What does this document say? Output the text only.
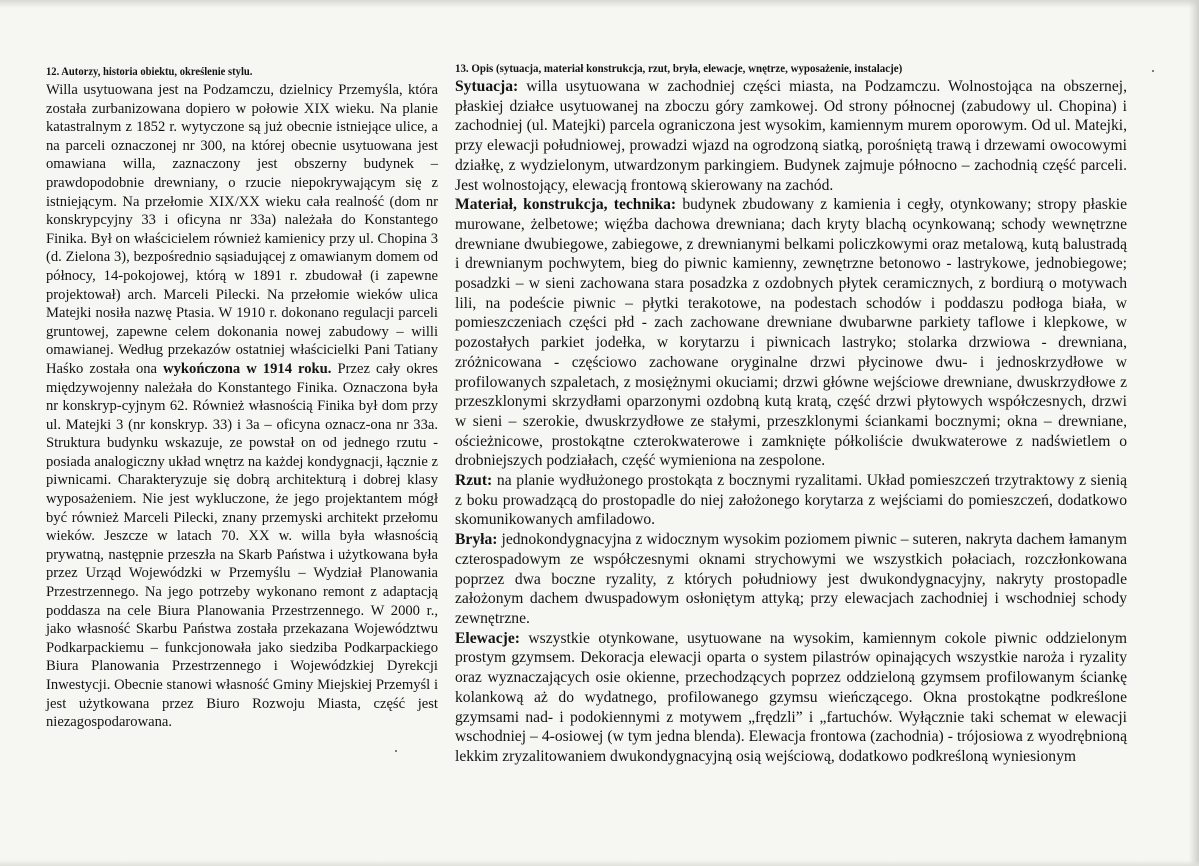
12. Autorzy, historia obiektu, określenie stylu.

Willa usytuowana jest na Podzamczu, dzielnicy Przemyśla, która została zurbanizowana dopiero w połowie XIX wieku. Na planie katastralnym z 1852 r. wytyczone są już obecnie istniejące ulice, a na parceli oznaczonej nr 300, na której obecnie usytuowana jest omawiana willa, zaznaczony jest obszerny budynek – prawdopodobnie drewniany, o rzucie niepokrywającym się z istniejącym. Na przełomie XIX/XX wieku cała realność (dom nr konskrypcyjny 33 i oficyna nr 33a) należała do Konstantego Finika. Był on właścicielem również kamienicy przy ul. Chopina 3 (d. Zielona 3), bezpośrednio sąsiadującej z omawianym domem od północy, 14-pokojowej, którą w 1891 r. zbudował (i zapewne projektował) arch. Marceli Pilecki. Na przełomie wieków ulica Matejki nosiła nazwę Ptasia. W 1910 r. dokonano regulacji parceli gruntowej, zapewne celem dokonania nowej zabudowy – willi omawianej. Według przekazów ostatniej właścicielki Pani Tatiany Haśko została ona wykończona w 1914 roku. Przez cały okres międzywojenny należała do Konstantego Finika. Oznaczona była nr konskryp-cyjnym 62. Również własnością Finika był dom przy ul. Matejki 3 (nr konskryp. 33) i 3a – oficyna oznacz-ona nr 33a. Struktura budynku wskazuje, ze powstał on od jednego rzutu - posiada analogiczny układ wnętrz na każdej kondygnacji, łącznie z piwnicami. Charakteryzuje się dobrą architekturą i dobrej klasy wyposażeniem. Nie jest wykluczone, że jego projektantem mógł być również Marceli Pilecki, znany przemyski architekt przełomu wieków. Jeszcze w latach 70. XX w. willa była własnością prywatną, następnie przeszła na Skarb Państwa i użytkowana była przez Urząd Wojewódzki w Przemyślu – Wydział Planowania Przestrzennego. Na jego potrzeby wykonano remont z adaptacją poddasza na cele Biura Planowania Przestrzennego. W 2000 r., jako własność Skarbu Państwa została przekazana Województwu Podkarpackiemu – funkcjonowała jako siedziba Podkarpackiego Biura Planowania Przestrzennego i Wojewódzkiej Dyrekcji Inwestycji. Obecnie stanowi własność Gminy Miejskiej Przemyśl i jest użytkowana przez Biuro Rozwoju Miasta, część jest niezagospodarowana.

13. Opis (sytuacja, materiał konstrukcja, rzut, bryła, elewacje, wnętrze, wyposażenie, instalacje)

Sytuacja: willa usytuowana w zachodniej części miasta, na Podzamczu. Wolnostojąca na obszernej, płaskiej działce usytuowanej na zboczu góry zamkowej. Od strony północnej (zabudowy ul. Chopina) i zachodniej (ul. Matejki) parcela ograniczona jest wysokim, kamiennym murem oporowym. Od ul. Matejki, przy elewacji południowej, prowadzi wjazd na ogrodzoną siatką, porośniętą trawą i drzewami owocowymi działkę, z wydzielonym, utwardzonym parkingiem. Budynek zajmuje północno – zachodnią część parceli. Jest wolnostojący, elewacją frontową skierowany na zachód.

Materiał, konstrukcja, technika: budynek zbudowany z kamienia i cegły, otynkowany; stropy płaskie murowane, żelbetowe; więźba dachowa drewniana; dach kryty blachą ocynkowaną; schody wewnętrzne drewniane dwubiegowe, zabiegowe, z drewnianymi belkami policzkowymi oraz metalową, kutą balustradą i drewnianym pochwytem, bieg do piwnic kamienny, zewnętrzne betonowo - lastrykowe, jednobiegowe; posadzki – w sieni zachowana stara posadzka z ozdobnych płytek ceramicznych, z bordiurą o motywach lili, na podeście piwnic – płytki terakotowe, na podestach schodów i poddaszu podłoga biała, w pomieszczeniach części płd - zach zachowane drewniane dwubarwne parkiety taflowe i klepkowe, w pozostałych parkiet jodełka, w korytarzu i piwnicach lastryko; stolarka drzwiowa - drewniana, zróżnicowana - częściowo zachowane oryginalne drzwi płycinowe dwu- i jednoskrzydłowe w profilowanych szpaletach, z mosiężnymi okuciami; drzwi główne wejściowe drewniane, dwuskrzydłowe z przeszklonymi skrzydłami oparzonymi ozdobną kutą kratą, część drzwi płytowych współczesnych, drzwi w sieni – szerokie, dwuskrzydłowe ze stałymi, przeszklonymi ściankami bocznymi; okna – drewniane, ościeżnicowe, prostokątne czterokwaterowe i zamknięte półkoliście dwukwaterowe z nadświetlem o drobniejszych podziałach, część wymieniona na zespolone.

Rzut: na planie wydłużonego prostokąta z bocznymi ryzalitami. Układ pomieszczeń trzytraktowy z sienią z boku prowadzącą do prostopadle do niej założonego korytarza z wejściami do pomieszczeń, dodatkowo skomunikowanych amfiladowo.

Bryła: jednokondygnacyjna z widocznym wysokim poziomem piwnic – suteren, nakryta dachem łamanym czterospadowym ze współczesnymi oknami strychowymi we wszystkich połaciach, rozczłonkowana poprzez dwa boczne ryzality, z których południowy jest dwukondygnacyjny, nakryty prostopadle założonym dachem dwuspadowym osłoniętym attyką; przy elewacjach zachodniej i wschodniej schody zewnętrzne.

Elewacje: wszystkie otynkowane, usytuowane na wysokim, kamiennym cokole piwnic oddzielonym prostym gzymsem. Dekoracja elewacji oparta o system pilastrów opinających wszystkie naroża i ryzality oraz wyznaczających osie okienne, przechodzących poprzez oddzieloną gzymsem profilowanym ściankę kolankową aż do wydatnego, profilowanego gzymsu wieńczącego. Okna prostokątne podkreślone gzymsami nad- i podokiennymi z motywem „frędzli” i „fartuchów. Wyłącznie taki schemat w elewacji wschodniej – 4-osiowej (w tym jedna blenda). Elewacja frontowa (zachodnia) - trójosiowa z wyodrębnioną lekkim zryzalitowaniem dwukondygnacyjną osią wejściową, dodatkowo podkreśloną wyniesionym
